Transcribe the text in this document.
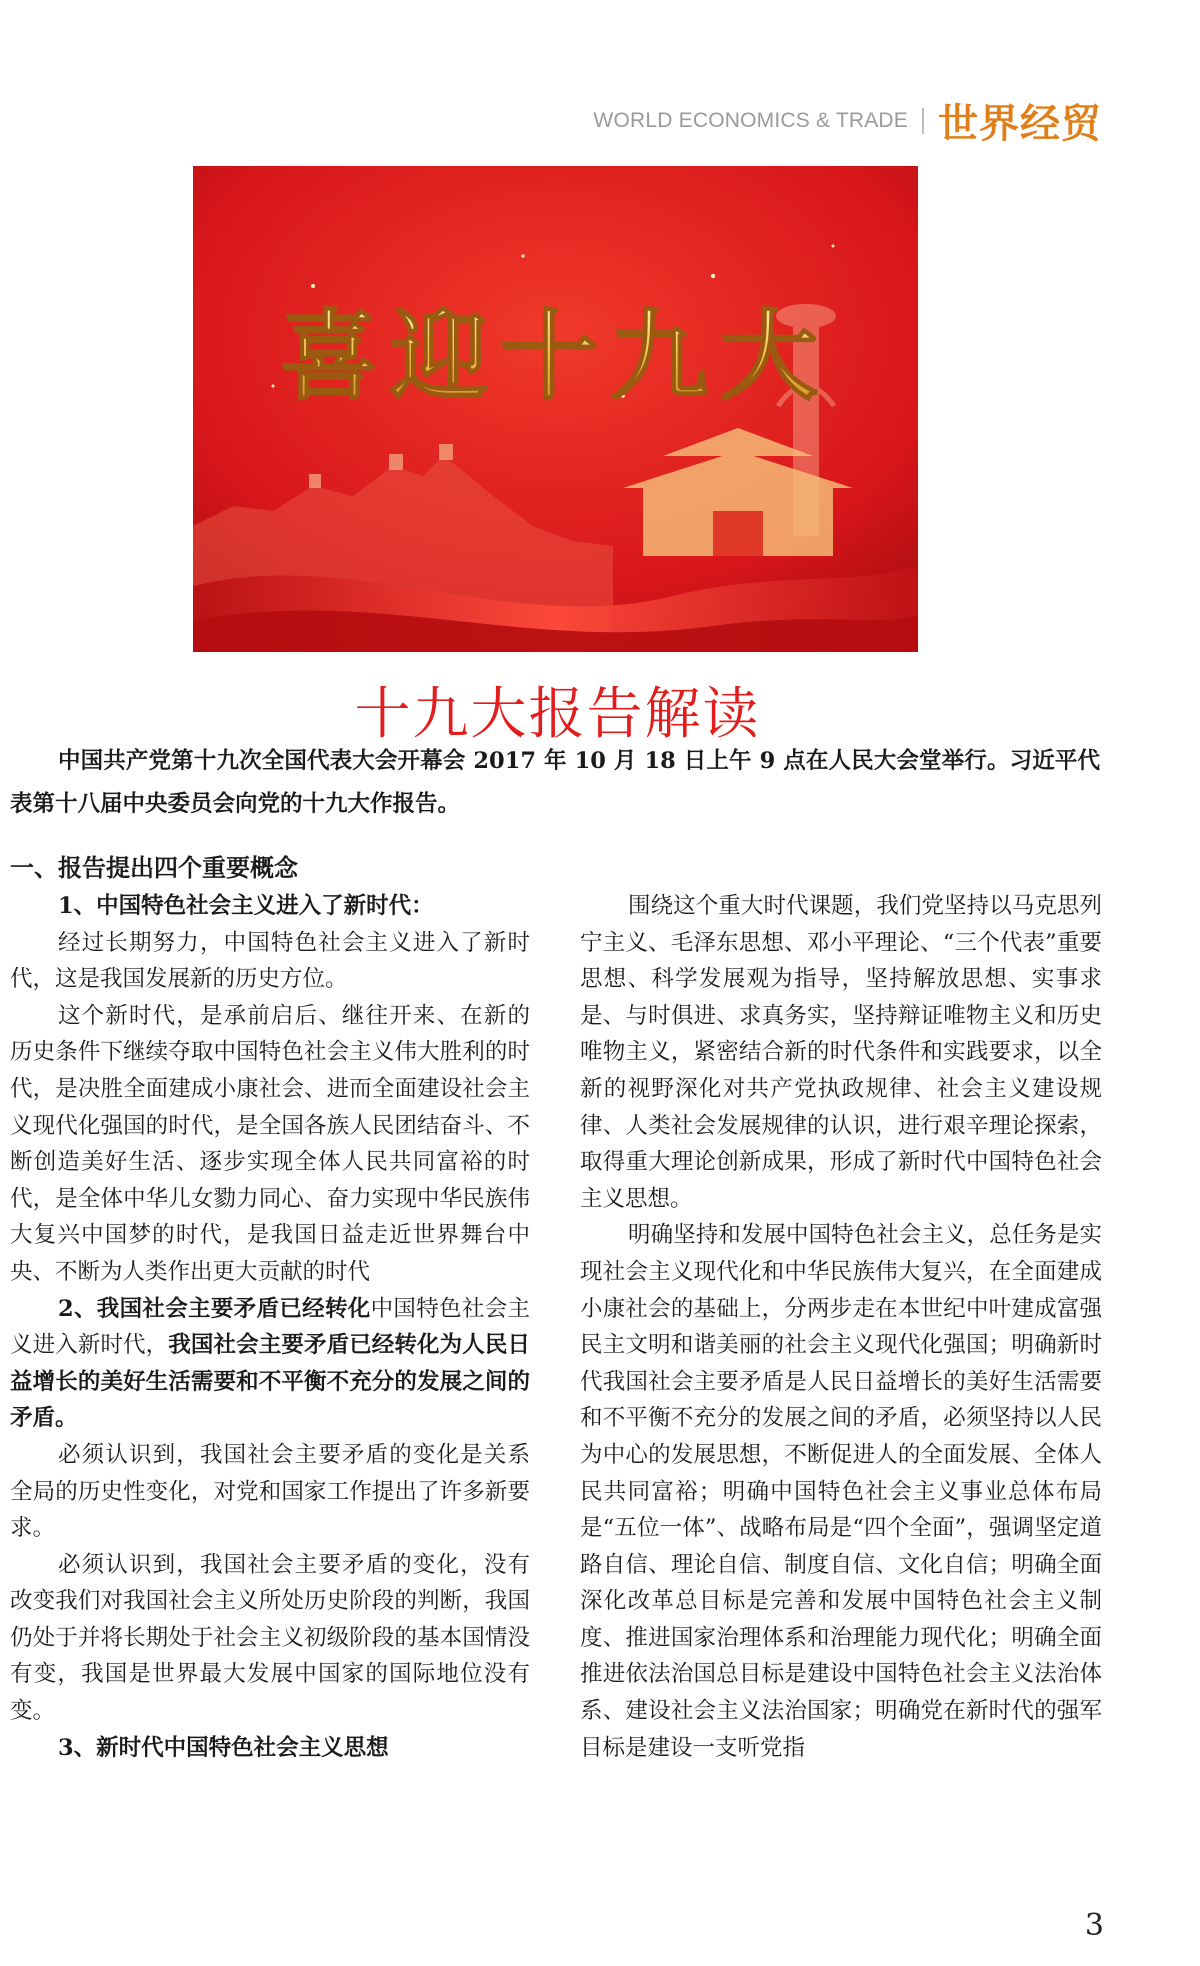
WORLD ECONOMICS & TRADE 世界经贸
喜迎十九大
十九大报告解读
中国共产党第十九次全国代表大会开幕会 2017 年 10 月 18 日上午 9 点在人民大会堂举行。习近平代表第十八届中央委员会向党的十九大作报告。
一、报告提出四个重要概念

1、中国特色社会主义进入了新时代：

经过长期努力，中国特色社会主义进入了新时代，这是我国发展新的历史方位。

这个新时代，是承前启后、继往开来、在新的历史条件下继续夺取中国特色社会主义伟大胜利的时代，是决胜全面建成小康社会、进而全面建设社会主义现代化强国的时代，是全国各族人民团结奋斗、不断创造美好生活、逐步实现全体人民共同富裕的时代，是全体中华儿女勠力同心、奋力实现中华民族伟大复兴中国梦的时代，是我国日益走近世界舞台中央、不断为人类作出更大贡献的时代

2、我国社会主要矛盾已经转化中国特色社会主义进入新时代，我国社会主要矛盾已经转化为人民日益增长的美好生活需要和不平衡不充分的发展之间的矛盾。

必须认识到，我国社会主要矛盾的变化是关系全局的历史性变化，对党和国家工作提出了许多新要求。

必须认识到，我国社会主要矛盾的变化，没有改变我们对我国社会主义所处历史阶段的判断，我国仍处于并将长期处于社会主义初级阶段的基本国情没有变，我国是世界最大发展中国家的国际地位没有变。

3、新时代中国特色社会主义思想

围绕这个重大时代课题，我们党坚持以马克思列宁主义、毛泽东思想、邓小平理论、“三个代表”重要思想、科学发展观为指导，坚持解放思想、实事求是、与时俱进、求真务实，坚持辩证唯物主义和历史唯物主义，紧密结合新的时代条件和实践要求，以全新的视野深化对共产党执政规律、社会主义建设规律、人类社会发展规律的认识，进行艰辛理论探索，取得重大理论创新成果，形成了新时代中国特色社会主义思想。

明确坚持和发展中国特色社会主义，总任务是实现社会主义现代化和中华民族伟大复兴，在全面建成小康社会的基础上，分两步走在本世纪中叶建成富强民主文明和谐美丽的社会主义现代化强国；明确新时代我国社会主要矛盾是人民日益增长的美好生活需要和不平衡不充分的发展之间的矛盾，必须坚持以人民为中心的发展思想，不断促进人的全面发展、全体人民共同富裕；明确中国特色社会主义事业总体布局是“五位一体”、战略布局是“四个全面”，强调坚定道路自信、理论自信、制度自信、文化自信；明确全面深化改革总目标是完善和发展中国特色社会主义制度、推进国家治理体系和治理能力现代化；明确全面推进依法治国总目标是建设中国特色社会主义法治体系、建设社会主义法治国家；明确党在新时代的强军目标是建设一支听党指

3
